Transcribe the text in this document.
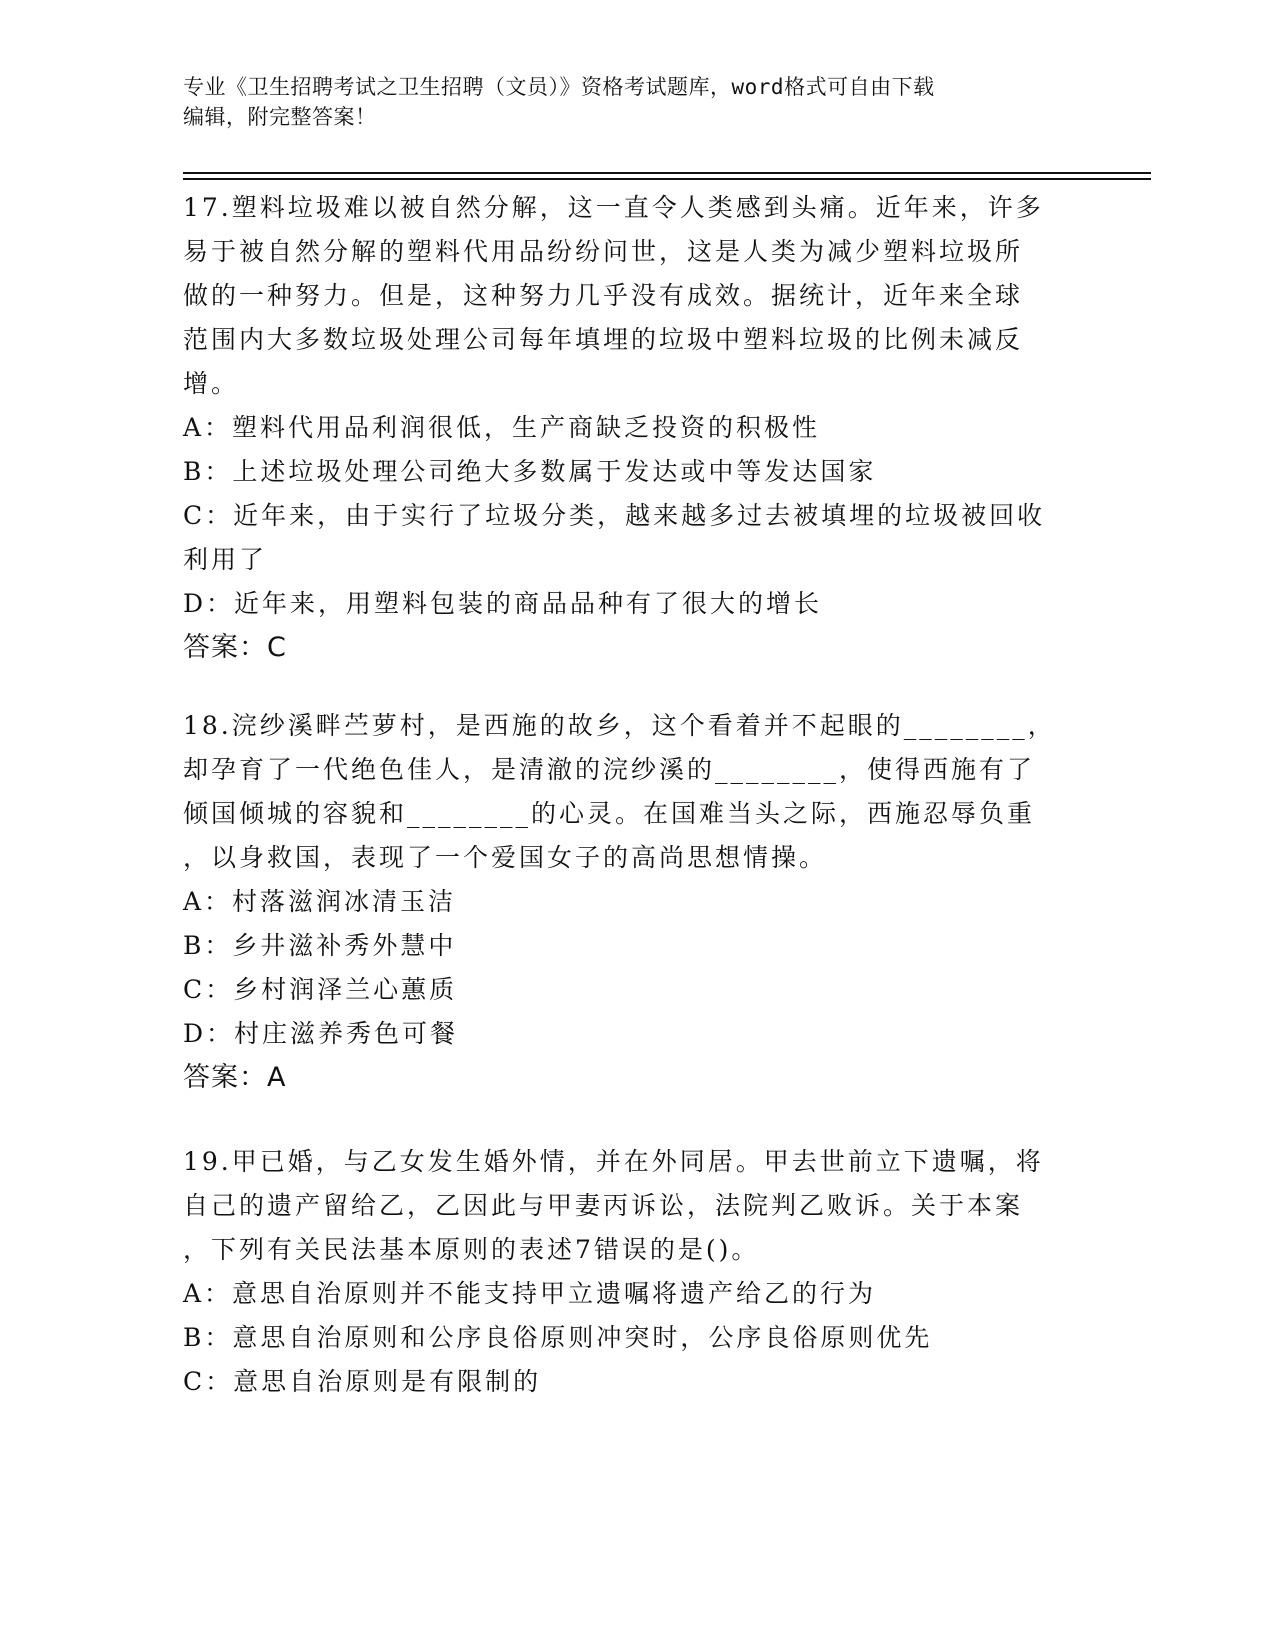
专业《卫生招聘考试之卫生招聘（文员）》资格考试题库，word格式可自由下载

编辑，附完整答案！

17.塑料垃圾难以被自然分解，这一直令人类感到头痛。近年来，许多

易于被自然分解的塑料代用品纷纷问世，这是人类为减少塑料垃圾所

做的一种努力。但是，这种努力几乎没有成效。据统计，近年来全球

范围内大多数垃圾处理公司每年填埋的垃圾中塑料垃圾的比例未减反

增。

A：塑料代用品利润很低，生产商缺乏投资的积极性

B：上述垃圾处理公司绝大多数属于发达或中等发达国家

C：近年来，由于实行了垃圾分类，越来越多过去被填埋的垃圾被回收

利用了

D：近年来，用塑料包装的商品品种有了很大的增长

答案：C

18.浣纱溪畔苎萝村，是西施的故乡，这个看着并不起眼的________，

却孕育了一代绝色佳人，是清澈的浣纱溪的________，使得西施有了

倾国倾城的容貌和________的心灵。在国难当头之际，西施忍辱负重

，以身救国，表现了一个爱国女子的高尚思想情操。

A：村落滋润冰清玉洁

B：乡井滋补秀外慧中

C：乡村润泽兰心蕙质

D：村庄滋养秀色可餐

答案：A

19.甲已婚，与乙女发生婚外情，并在外同居。甲去世前立下遗嘱，将

自己的遗产留给乙，乙因此与甲妻丙诉讼，法院判乙败诉。关于本案

，下列有关民法基本原则的表述7错误的是()。

A：意思自治原则并不能支持甲立遗嘱将遗产给乙的行为

B：意思自治原则和公序良俗原则冲突时，公序良俗原则优先

C：意思自治原则是有限制的
